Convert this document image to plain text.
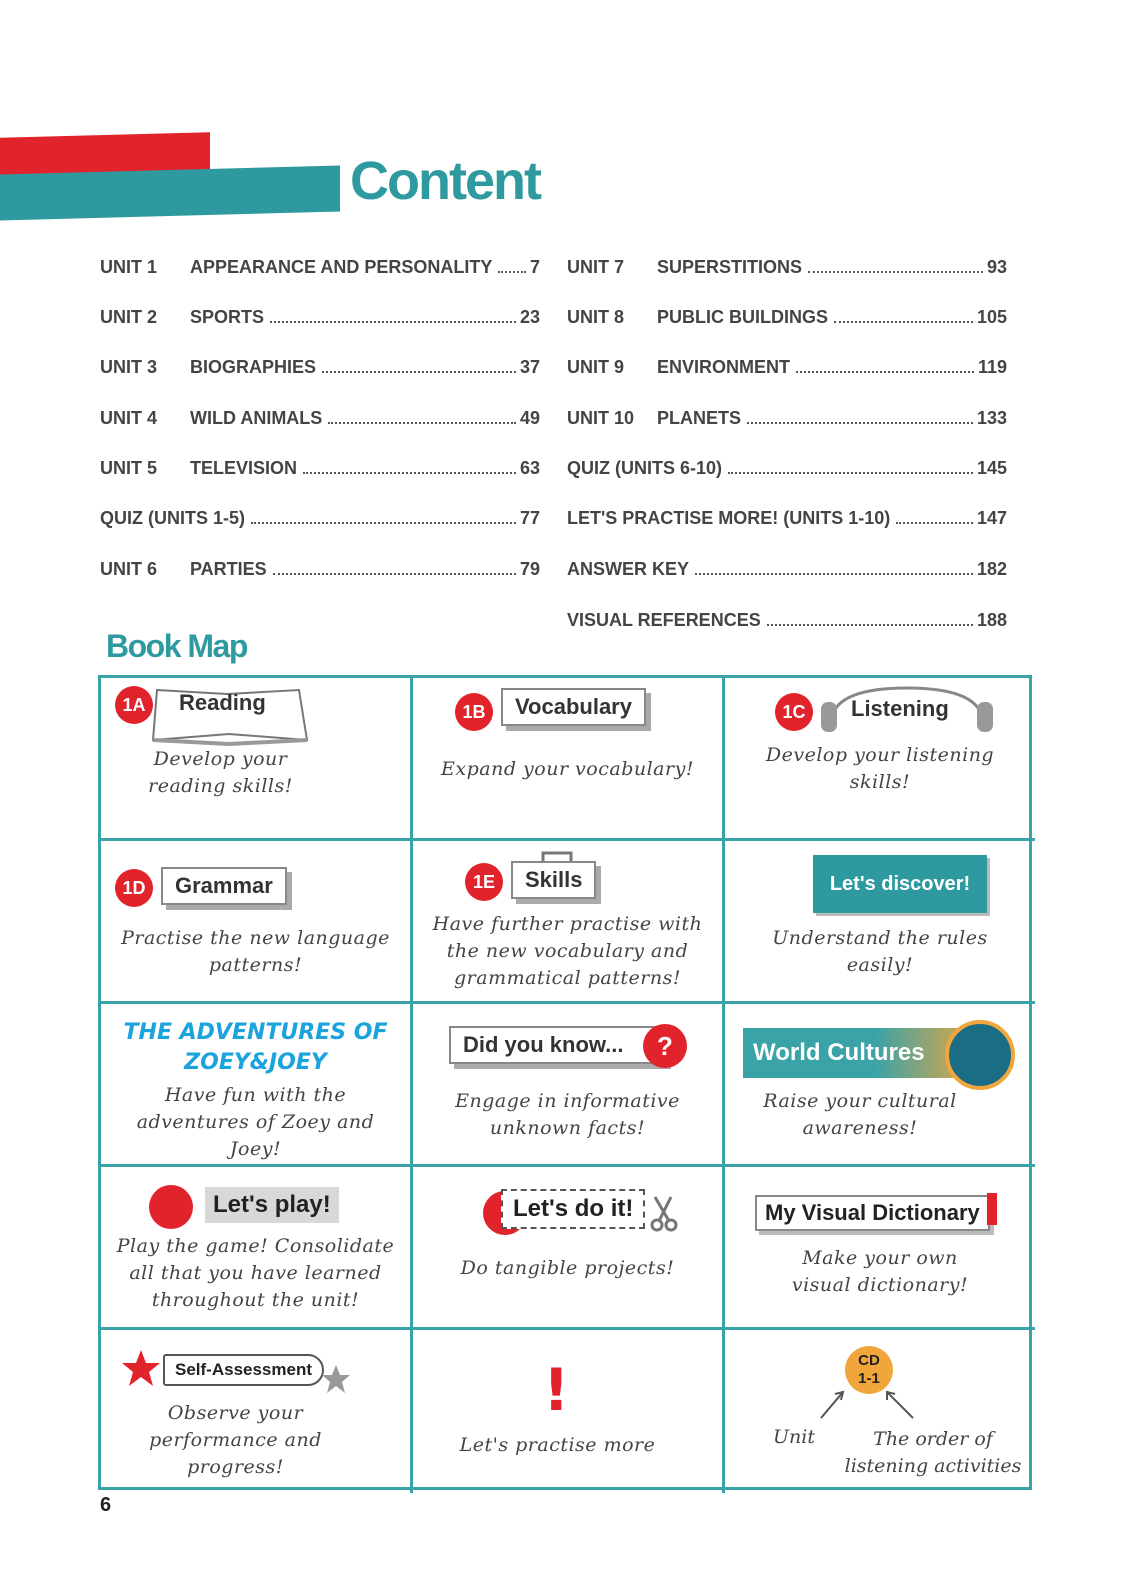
Content
UNIT 1	APPEARANCE AND PERSONALITY 7
UNIT 2	SPORTS	23
UNIT 3	BIOGRAPHIES	37
UNIT 4	WILD ANIMALS	49
UNIT 5	TELEVISION	63
QUIZ (UNITS 1-5)	77
UNIT 6	PARTIES	79
UNIT 7	SUPERSTITIONS	93
UNIT 8	PUBLIC BUILDINGS	105
UNIT 9	ENVIRONMENT	119
UNIT 10	PLANETS	133
QUIZ (UNITS 6-10)	145
LET'S PRACTISE MORE! (UNITS 1-10)	147
ANSWER KEY	182
VISUAL REFERENCES	188
Book Map
1A	Reading
Develop your
reading skills!
1B	Vocabulary
Expand your vocabulary!
1C	Listening
Develop your listening
skills!
1D	Grammar
Practise the new language
patterns!
1E	Skills
Have further practise with
the new vocabulary and
grammatical patterns!
Let's discover!
Understand the rules
easily!
THE ADVENTURES OF
ZOEY&JOEY
Have fun with the
adventures of Zoey and
Joey!
Did you know...	?
Engage in informative
unknown facts!
World Cultures
Raise your cultural
awareness!
Let's play!
Play the game! Consolidate
all that you have learned
throughout the unit!
Let's do it!
Do tangible projects!
My Visual Dictionary
Make your own
visual dictionary!
Self-Assessment
Observe your
performance and
progress!
!
Let's practise more
CD
1-1
Unit	The order of
listening activities
6
